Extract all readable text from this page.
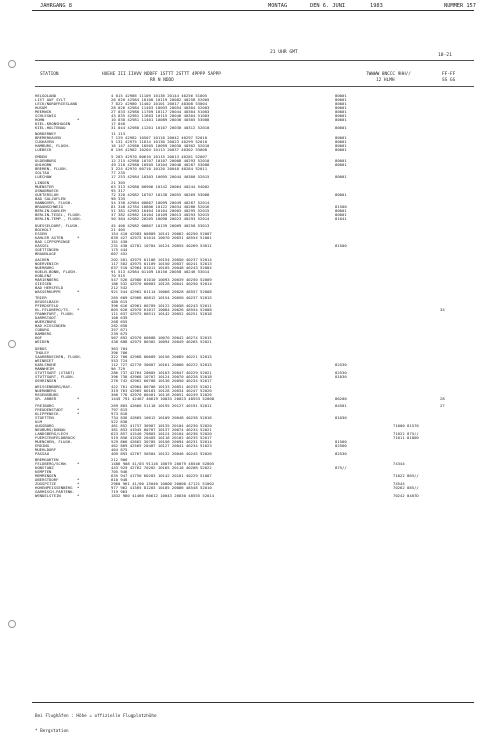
JAHRGANG 8	MONTAG	DEN 6. JUNI	1983	NUMMER 157
21 UHR GMT
18-21
STATION	HOEHE III IIHVV NDDFF 1STTT 2STTT 4PPPP 5APPP
RR N NDDD
7WWWW 8NCCC 9HH//
12 HLMH
FF-FF
SS GG
HELGOLAND	4 015 42986 11109 10136 20144 40256 51005	80001
LIST AUF SYLT	26 020 42984 10108 10119 20082 40258 52005	80001
LECK/NORDFRIESLAND	7 022 42980 11402 10101 20017 40308 53004	80001
HUSUM	28 026 42984 11403 10093 20054 40304 52003	80001
MEERWIK	27 033 42980 11709 10117 20044 40304 51003	80001
SCHLESWIG	43 035 42981 11603 10115 20046 40304 51003	80001
HOHN	*	10 038 42981 11401 10089 20036 40305 53008	80001
KIEL-KRONSHAGEN	17 040
KIEL-HOLTENAU	31 044 42980 11201 10107 20030 40312 52010	80001
NORDERNEY	11 113
BREMERHAVEN	7 129 42982 10507 10118 20042 40297 52010	80001
CUXHAVEN	5 131 42975 11014 10130 20023 40299 52010	80001
HAMBURG, FLUGH.	16 147 42980 10505 10099 20030 40302 52010	80001
LUEBECK	8 156 42982 10204 10113 20037 40302 53008	80001
EMDEN	5 203 42970 00610 10115 20013 40281 52007
OLDENBURG	12 215 42980 10707 10107 20008 40293 52010	80001
AHLHORN	49 218 42980 10505 10104 20040 40287 53008	80001
BREMEN, FLUGH.	3 224 42970 00710 10120 20048 40284 52011
SOLTAU	77 235
LUECHOW	17 253 42984 10303 10095 20044 40300 52015	80001
LINGEN	21 305
MUENSTER	63 313 42980 00906 10142 20064 40244 54002
OSNABRUECK	95 317
GUETERSLOH	72 320 42982 10707 10138 20055 40269 53008	80001
BAD SALZUFLEN	98 335
HANNOVER, FLUGH.	54 338 42984 00807 10099 20049 40287 52014
BRAUNSCHWEIG	81 348 42784 10806 10122 20034 40286 52016	81500
BERLIN-DAHLEM	51 381 42983 10404 10104 20003 40295 52015	80001
BERLIN-TEGEL, FLUGH.	37 382 42982 10104 10109 20013 40293 52015	80001
BERLIN-TEMP., FLUGH.	50 384 42982 20205 10098 20023 40293 52014	81041
DUESSELDORF, FLUGH.	45 400 42982 00807 10139 20069 40250 53013
BOCHOLT	21 405
ESSEN	154 410 42983 00809 10141 20062 40250 52007
KAHLER ASTEN	*	839 427 42975 01014 10070 20031 48554 51001
BAD LIPPSPRINGE	151 430
KASSEL	231 438 42781 10704 10124 20055 40269 53011	81500
GOETTINGEN	175 444
BRAUNLAGE	607 452
AACHEN	202 501 42975 01106 10154 20050 40237 52014
NOERVENICH	117 502 42975 01109 10150 20037 40241 52013
NUERBURG	637 510 42964 01011 10105 20048 40243 52004
KOELN-BONN, FLUGH.	91 513 42984 01109 10150 20058 40246 53014
KOBLENZ	70 515
MARIENBERG	547 526 42980 01010 10093 20039 40250 52009
GIESSEN	186 532 42970 00603 10128 20041 40250 52014
BAD HERSFELD	212 542
WASSERKUPPE	*	921 544 42962 01114 10068 20028 48557 52008
TRIER	265 609 42968 00812 10154 20050 40237 52015
DEUSELBACH	480 615
PFERDSFELD	396 616 42961 00709 10122 20058 40243 52011
HL.FELDBERG/TS. *	805 626 42970 01017 10084 20026 48554 52008	34
FRANKFURT, FLUGH.	111 637 42975 00511 10142 20052 40251 52018
DARMSTADT	108 639
WUERZBURG	268 655
BAD KISSINGEN	282 658
COBURG	357 671
BAMBERG	239 675
HOF	567 692 42970 00608 10070 20042 40274 52015
WEIDEN	438 688 42975 00302 10094 20049 40265 52021
DEBUS	363 704
THOLEY	396 706
SAARBRUECKEN, FLUGH.	322 708 42968 00609 10156 20089 40221 52015
WEINBIET	553 724
KARLSRUHE	112 727 42770 30607 10161 20066 40222 52015	82530
MANNHEIM	96 729
STUTTGART (STADT)	286 737 42764 20605 10163 20047 40229 52021	82530
STUTTGART, FLUGH.	396 738 42968 10707 10124 20070 40228 52018	81030
OEHRINGEN	276 742 42962 00708 10136 20050 40234 52017
WEISSENBURG/BAY.	422 761 42964 00706 10133 20051 40235 52021
NUERNBERG	319 763 42965 00103 10128 20034 40247 52020
REGENSBURG	366 776 42970 00401 10118 20051 40249 52026
GR. ARBER	*	1445 791 42467 40619 10033 20023 48553 52008	86200	28
FREIBURG	269 803 42660 51118 10195 20127 40191 52011	84501	27
FREUDENSTADT	*	797 815
KLIPPENECK	*	973 818
STOETTEN	734 836 42865 10612 10109 20048 40238 52016	81030
ULM	522 838
AUGSBURG	461 852 41757 30907 10135 20104 40230 52020	71000 81570
NEUBURG/DONAU	381 853 41945 00707 10137 20074 40234 52021
LANDSBERG/LECH	623 857 41540 70803 10124 20104 40236 52020	71022 875//
FUERSTENFELDBRUCK	519 856 41528 20405 10118 20102 40235 52017	71011 81800
MUENCHEN, FLUGH.	529 866 42662 30705 10156 20094 40231 52014	81500
ERDING	462 869 42565 20407 10127 20041 40234 51023	82500
MUEHLDORF	404 875
PASSAU	409 893 42767 50504 10132 20046 40245 52026	82530
BREMGARTEN	212 900
FELDBERG/SCHW. *	1486 908 41/03 91116 10079 20079 48546 52005	74344
KONSTANZ	443 929 42762 70202 10165 20118 40208 52022	875//
KEMPTEN	705 946
MEMMINGEN	635 947 41750 60203 10142 20101 40229 51007	71022 865//
OBERSTDORF	*	810 948
ZUGSPITZE	*	2960 961 41/00 15040 10000 20000 47121 51002	74544
HOHENPEISSENBERG *	977 962 41565 81203 10105 20086 48548 52010	70262 885//
GARMISCH-PARTENK.	719 963
WENDELSTEIN	*	1832 980 41460 60612 10043 20030 48555 52014	70242 8407D

Bei Flughäfen : Höhe = offizielle Flugplatzhöhe

* Bergstation
